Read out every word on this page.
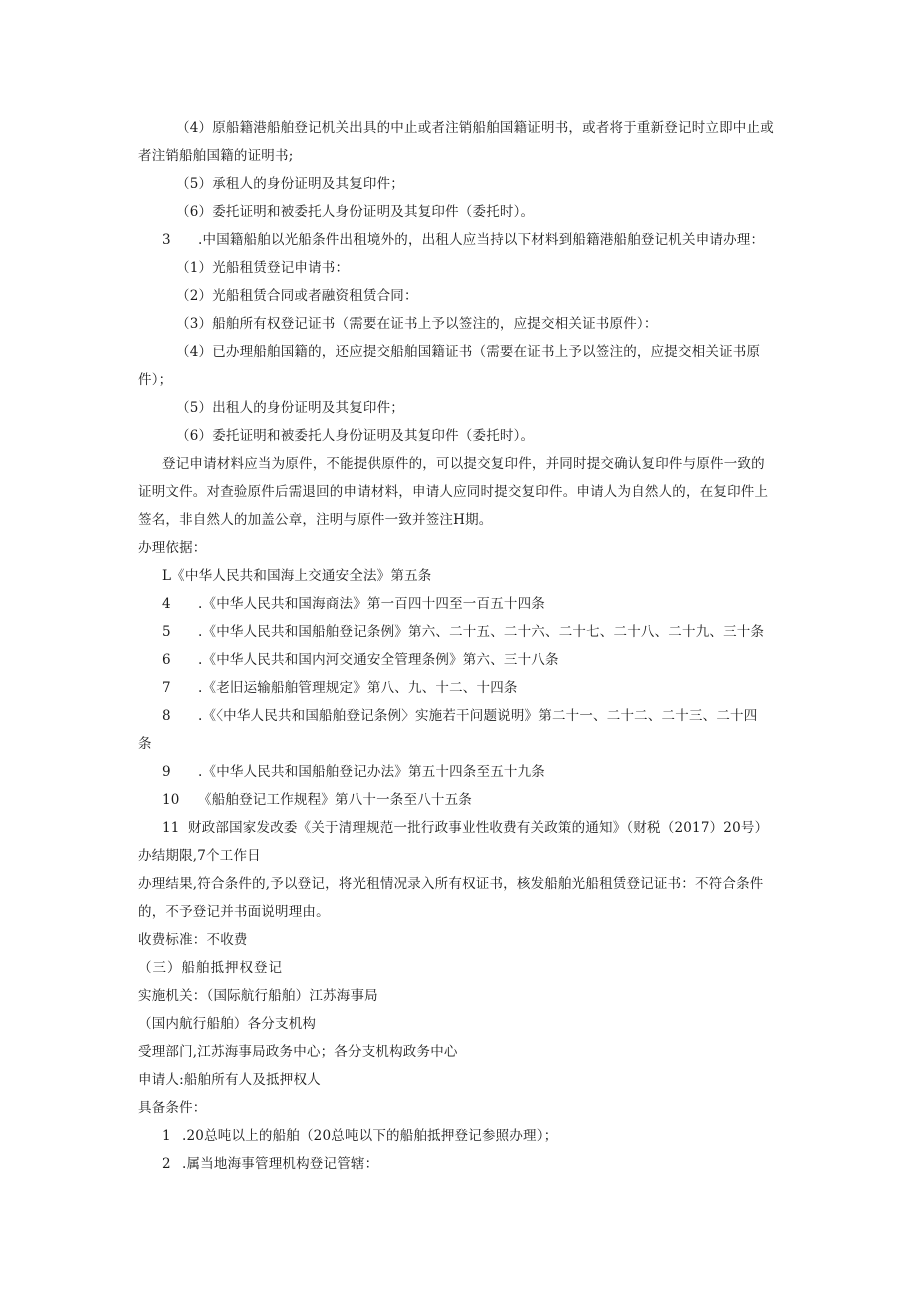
（4）原船籍港船舶登记机关出具的中止或者注销船舶国籍证明书，或者将于重新登记时立即中止或
者注销船舶国籍的证明书;
（5）承租人的身份证明及其复印件；
（6）委托证明和被委托人身份证明及其复印件（委托时）。
3 .中国籍船舶以光船条件出租境外的，出租人应当持以下材料到船籍港船舶登记机关申请办理：
（1）光船租赁登记申请书：
（2）光船租赁合同或者融资租赁合同：
（3）船舶所有权登记证书（需要在证书上予以签注的，应提交相关证书原件）：
（4）已办理船舶国籍的，还应提交船舶国籍证书（需要在证书上予以签注的，应提交相关证书原
件）；
（5）出租人的身份证明及其复印件；
（6）委托证明和被委托人身份证明及其复印件（委托时）。
登记申请材料应当为原件，不能提供原件的，可以提交复印件，并同时提交确认复印件与原件一致的
证明文件。对查验原件后需退回的申请材料，申请人应同时提交复印件。申请人为自然人的，在复印件上
签名，非自然人的加盖公章，注明与原件一致并签注H期。
办理依据：
L《中华人民共和国海上交通安全法》第五条
4 .《中华人民共和国海商法》第一百四十四至一百五十四条
5 .《中华人民共和国船舶登记条例》第六、二十五、二十六、二十七、二十八、二十九、三十条
6 .《中华人民共和国内河交通安全管理条例》第六、三十八条
7 .《老旧运输船舶管理规定》第八、九、十二、十四条
8 .《〈中华人民共和国船舶登记条例〉实施若干问题说明》第二十一、二十二、二十三、二十四
条
9 .《中华人民共和国船舶登记办法》第五十四条至五十九条
10 《船舶登记工作规程》第八十一条至八十五条
11 财政部国家发改委《关于清理规范一批行政事业性收费有关政策的通知》（财税（2017）20号）
办结期限,7个工作日
办理结果,符合条件的,予以登记，将光租情况录入所有权证书，核发船舶光船租赁登记证书：不符合条件
的，不予登记并书面说明理由。
收费标准：不收费
（三）船舶抵押权登记
实施机关：（国际航行船舶）江苏海事局
（国内航行船舶）各分支机构
受理部门,江苏海事局政务中心；各分支机构政务中心
申请人:船舶所有人及抵押权人
具备条件：
1 .20总吨以上的船舶（20总吨以下的船舶抵押登记参照办理）；
2 .属当地海事管理机构登记管辖：
